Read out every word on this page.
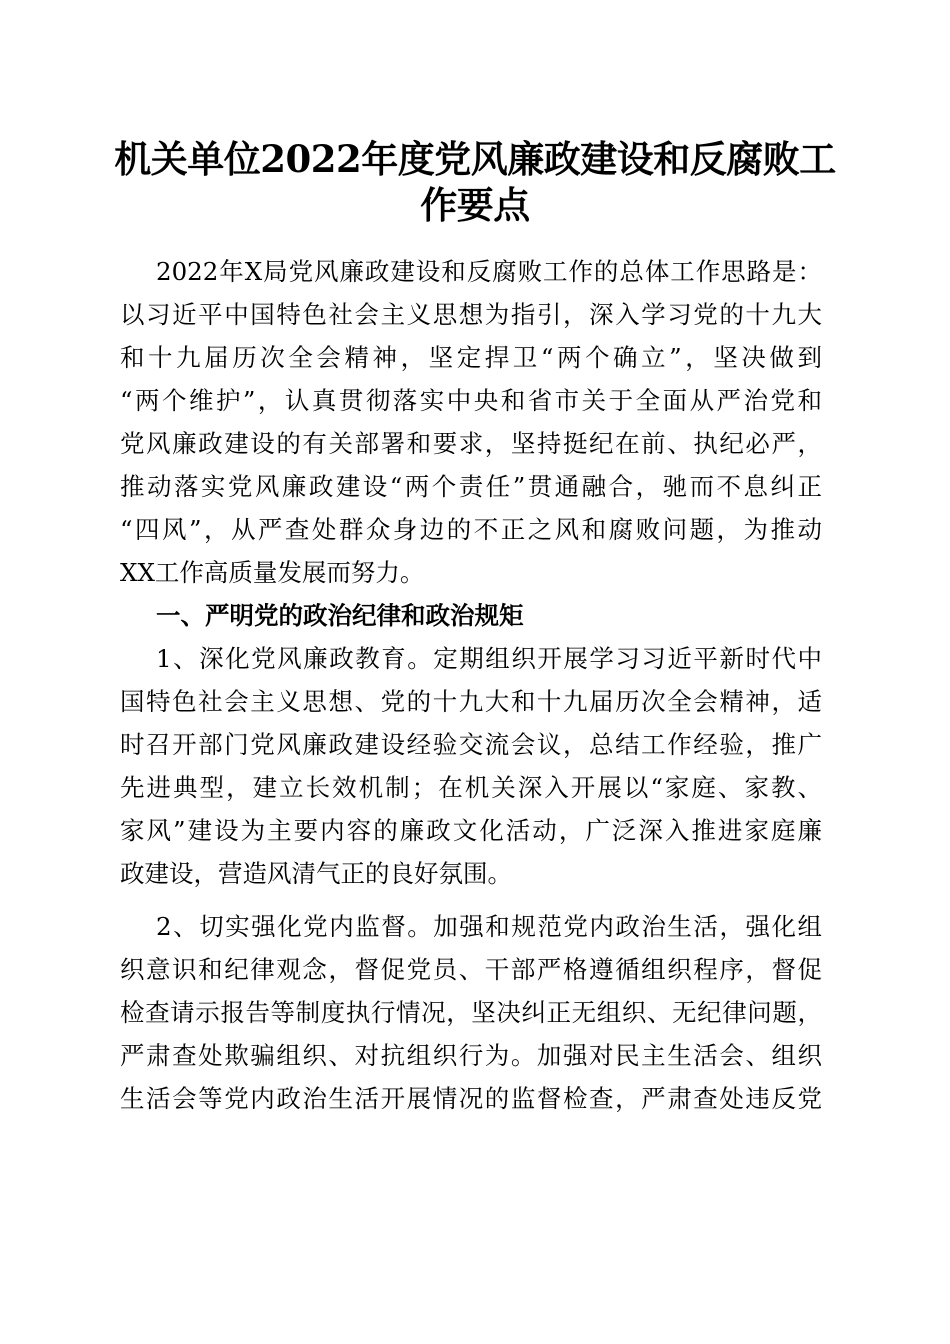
机关单位2022年度党风廉政建设和反腐败工
作要点
2022年X局党风廉政建设和反腐败工作的总体工作思路是：
以习近平中国特色社会主义思想为指引，深入学习党的十九大
和十九届历次全会精神，坚定捍卫“两个确立”，坚决做到
“两个维护”，认真贯彻落实中央和省市关于全面从严治党和
党风廉政建设的有关部署和要求，坚持挺纪在前、执纪必严，
推动落实党风廉政建设“两个责任”贯通融合，驰而不息纠正
“四风”，从严查处群众身边的不正之风和腐败问题，为推动
XX工作高质量发展而努力。
一、严明党的政治纪律和政治规矩
1、深化党风廉政教育。定期组织开展学习习近平新时代中
国特色社会主义思想、党的十九大和十九届历次全会精神，适
时召开部门党风廉政建设经验交流会议，总结工作经验，推广
先进典型，建立长效机制；在机关深入开展以“家庭、家教、
家风”建设为主要内容的廉政文化活动，广泛深入推进家庭廉
政建设，营造风清气正的良好氛围。
2、切实强化党内监督。加强和规范党内政治生活，强化组
织意识和纪律观念，督促党员、干部严格遵循组织程序，督促
检查请示报告等制度执行情况，坚决纠正无组织、无纪律问题，
严肃查处欺骗组织、对抗组织行为。加强对民主生活会、组织
生活会等党内政治生活开展情况的监督检查，严肃查处违反党
